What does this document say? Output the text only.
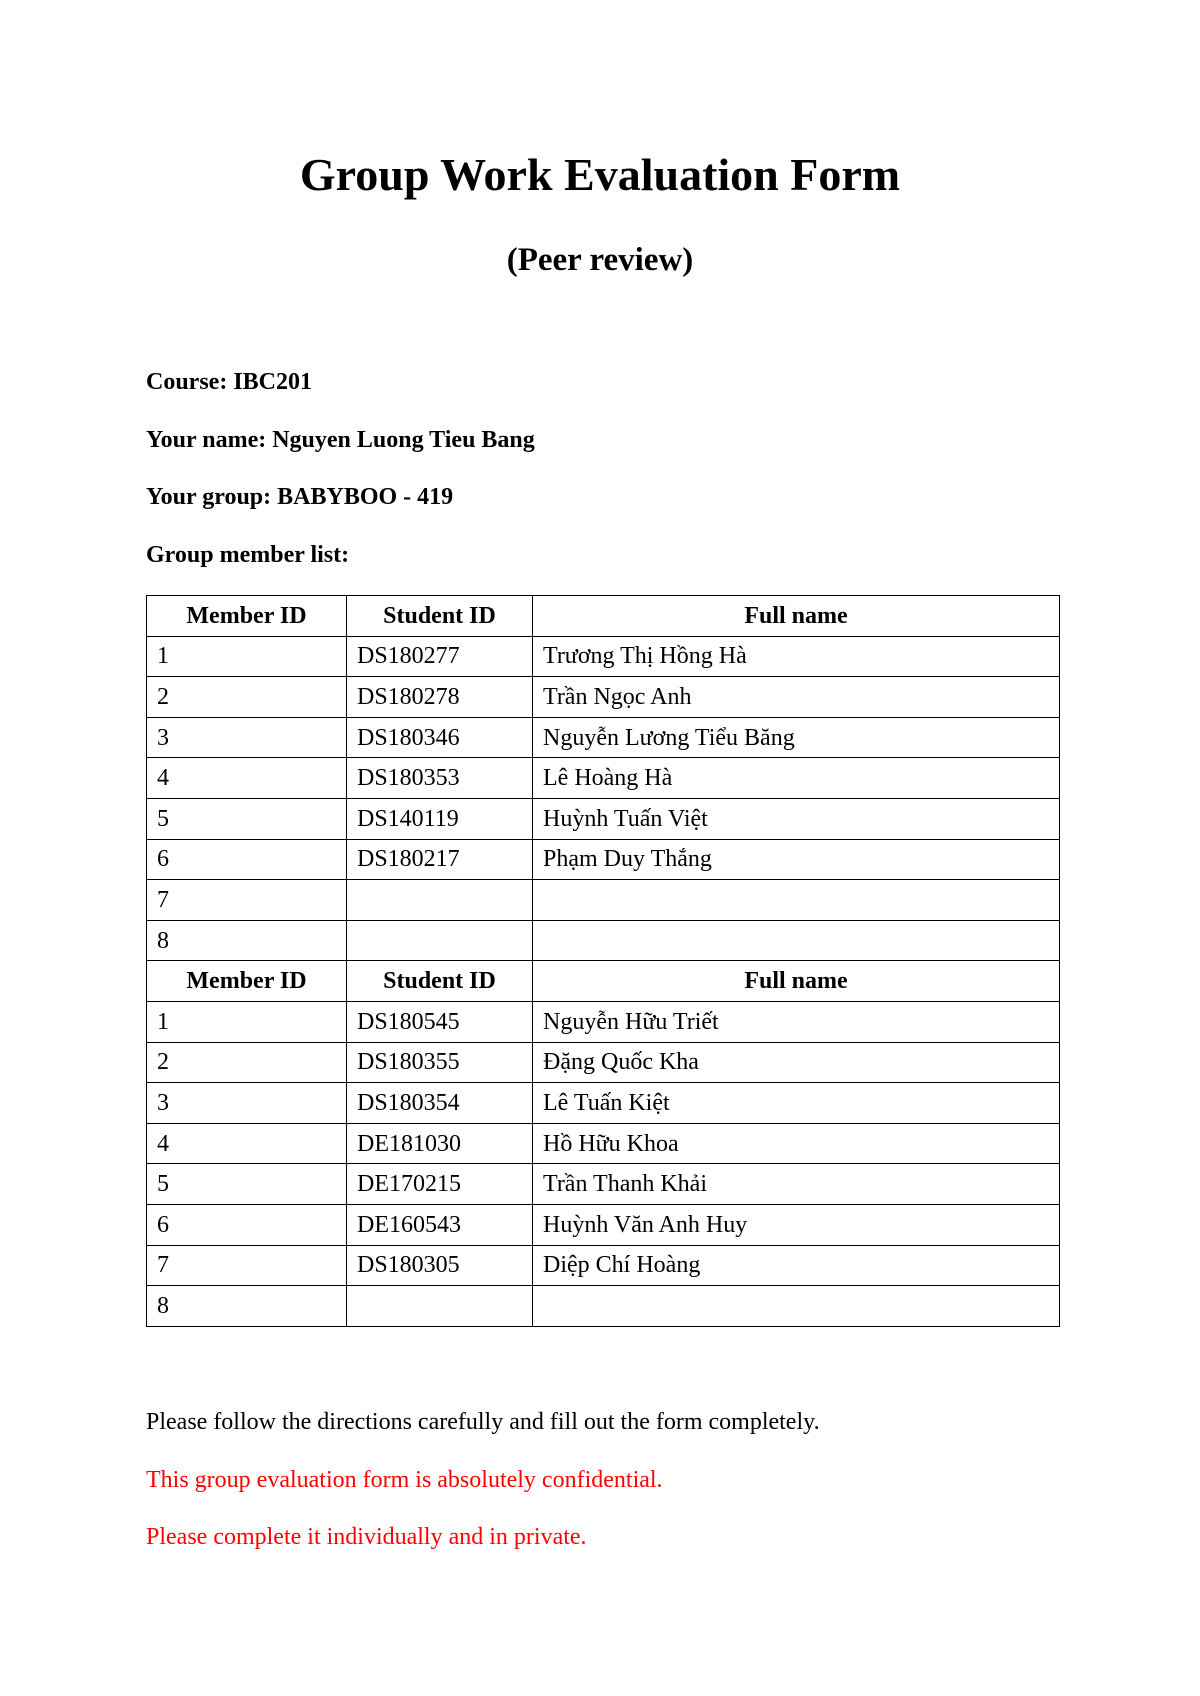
Group Work Evaluation Form
(Peer review)

Course: IBC201

Your name: Nguyen Luong Tieu Bang

Your group: BABYBOO - 419

Group member list:

Member ID	Student ID	Full name
1	DS180277	Trương Thị Hồng Hà
2	DS180278	Trần Ngọc Anh
3	DS180346	Nguyễn Lương Tiểu Băng
4	DS180353	Lê Hoàng Hà
5	DS140119	Huỳnh Tuấn Việt
6	DS180217	Phạm Duy Thắng
7		
8		
Member ID	Student ID	Full name
1	DS180545	Nguyễn Hữu Triết
2	DS180355	Đặng Quốc Kha
3	DS180354	Lê Tuấn Kiệt
4	DE181030	Hồ Hữu Khoa
5	DE170215	Trần Thanh Khải
6	DE160543	Huỳnh Văn Anh Huy
7	DS180305	Diệp Chí Hoàng
8		

Please follow the directions carefully and fill out the form completely.

This group evaluation form is absolutely confidential.

Please complete it individually and in private.
